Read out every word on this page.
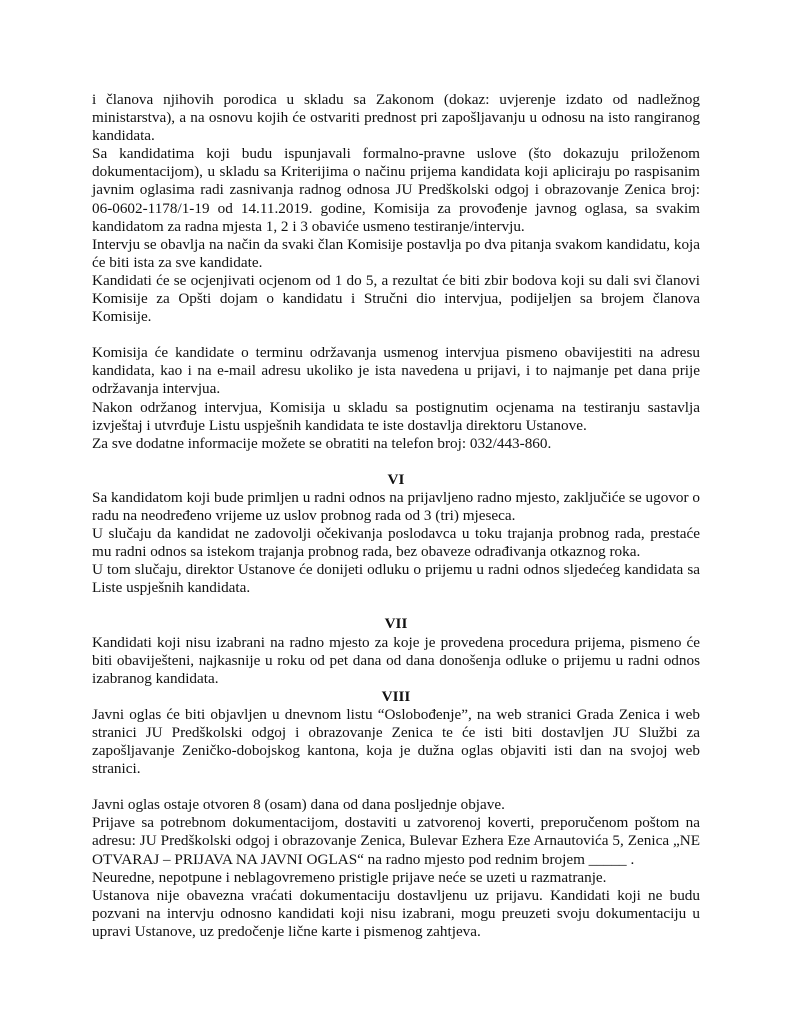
i članova njihovih porodica u skladu sa Zakonom (dokaz: uvjerenje izdato od nadležnog ministarstva), a na osnovu kojih će ostvariti prednost pri zapošljavanju u odnosu na isto rangiranog kandidata.

Sa kandidatima koji budu ispunjavali formalno-pravne uslove (što dokazuju priloženom dokumentacijom), u skladu sa Kriterijima o načinu prijema kandidata koji apliciraju po raspisanim javnim oglasima radi zasnivanja radnog odnosa JU Predškolski odgoj i obrazovanje Zenica broj: 06-0602-1178/1-19 od 14.11.2019. godine, Komisija za provođenje javnog oglasa, sa svakim kandidatom za radna mjesta 1, 2 i 3 obaviće usmeno testiranje/intervju.

Intervju se obavlja na način da svaki član Komisije postavlja po dva pitanja svakom kandidatu, koja će biti ista za sve kandidate.

Kandidati će se ocjenjivati ocjenom od 1 do 5, a rezultat će biti zbir bodova koji su dali svi članovi Komisije za Opšti dojam o kandidatu i Stručni dio intervjua, podijeljen sa brojem članova Komisije.

Komisija će kandidate o terminu održavanja usmenog intervjua pismeno obavijestiti na adresu kandidata, kao i na e-mail adresu ukoliko je ista navedena u prijavi, i to najmanje pet dana prije održavanja intervjua.

Nakon održanog intervjua, Komisija u skladu sa postignutim ocjenama na testiranju sastavlja izvještaj i utvrđuje Listu uspješnih kandidata te iste dostavlja direktoru Ustanove.

Za sve dodatne informacije možete se obratiti na telefon broj: 032/443-860.

VI

Sa kandidatom koji bude primljen u radni odnos na prijavljeno radno mjesto, zaključiće se ugovor o radu na neodređeno vrijeme uz uslov probnog rada od 3 (tri) mjeseca.

U slučaju da kandidat ne zadovolji očekivanja poslodavca u toku trajanja probnog rada, prestaće mu radni odnos sa istekom trajanja probnog rada, bez obaveze odrađivanja otkaznog roka.

U tom slučaju, direktor Ustanove će donijeti odluku o prijemu u radni odnos sljedećeg kandidata sa Liste uspješnih kandidata.

VII

Kandidati koji nisu izabrani na radno mjesto za koje je provedena procedura prijema, pismeno će biti obaviješteni, najkasnije u roku od pet dana od dana donošenja odluke o prijemu u radni odnos izabranog kandidata.

VIII

Javni oglas će biti objavljen u dnevnom listu “Oslobođenje”, na web stranici Grada Zenica i web stranici JU Predškolski odgoj i obrazovanje Zenica te će isti biti dostavljen JU Službi za zapošljavanje Zeničko-dobojskog kantona, koja je dužna oglas objaviti isti dan na svojoj web stranici.

Javni oglas ostaje otvoren 8 (osam) dana od dana posljednje objave.

Prijave sa potrebnom dokumentacijom, dostaviti u zatvorenoj koverti, preporučenom poštom na adresu: JU Predškolski odgoj i obrazovanje Zenica, Bulevar Ezhera Eze Arnautovića 5, Zenica „NE OTVARAJ – PRIJAVA NA JAVNI OGLAS“ na radno mjesto pod rednim brojem _____ .

Neuredne, nepotpune i neblagovremeno pristigle prijave neće se uzeti u razmatranje.

Ustanova nije obavezna vraćati dokumentaciju dostavljenu uz prijavu. Kandidati koji ne budu pozvani na intervju odnosno kandidati koji nisu izabrani, mogu preuzeti svoju dokumentaciju u upravi Ustanove, uz predočenje lične karte i pismenog zahtjeva.
